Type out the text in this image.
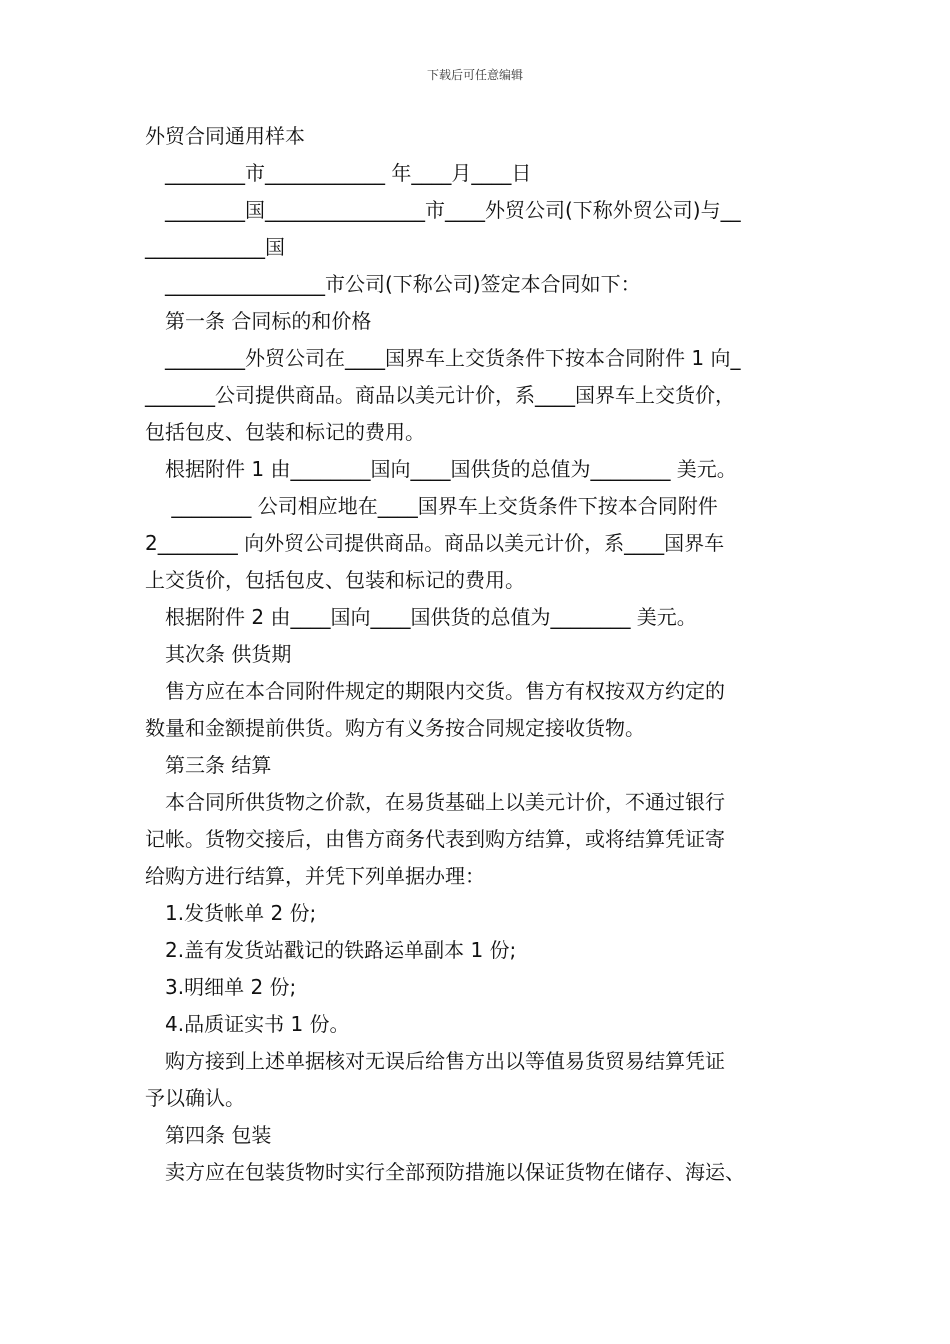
下载后可任意编辑
外贸合同通用样本
________市____________ 年____月____日
________国________________市____外贸公司(下称外贸公司)与__
____________国
________________市公司(下称公司)签定本合同如下：
第一条 合同标的和价格
________外贸公司在____国界车上交货条件下按本合同附件 1 向_
_______公司提供商品。商品以美元计价，系____国界车上交货价，
包括包皮、包装和标记的费用。
根据附件 1 由________国向____国供货的总值为________ 美元。
________ 公司相应地在____国界车上交货条件下按本合同附件
2________ 向外贸公司提供商品。商品以美元计价，系____国界车
上交货价，包括包皮、包装和标记的费用。
根据附件 2 由____国向____国供货的总值为________ 美元。
其次条 供货期
售方应在本合同附件规定的期限内交货。售方有权按双方约定的
数量和金额提前供货。购方有义务按合同规定接收货物。
第三条 结算
本合同所供货物之价款，在易货基础上以美元计价，不通过银行
记帐。货物交接后，由售方商务代表到购方结算，或将结算凭证寄
给购方进行结算，并凭下列单据办理：
1.发货帐单 2 份;
2.盖有发货站戳记的铁路运单副本 1 份;
3.明细单 2 份;
4.品质证实书 1 份。
购方接到上述单据核对无误后给售方出以等值易货贸易结算凭证
予以确认。
第四条 包装
卖方应在包装货物时实行全部预防措施以保证货物在储存、海运、
